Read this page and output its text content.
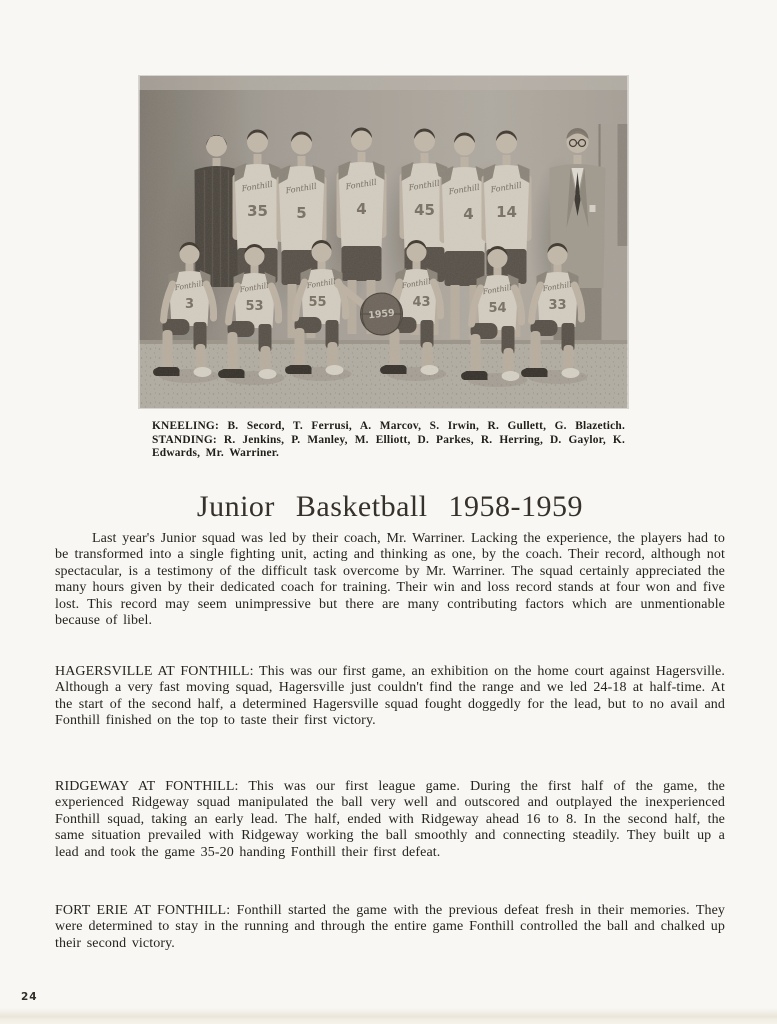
KNEELING: B. Secord, T. Ferrusi, A. Marcov, S. Irwin, R. Gullett, G. Blazetich. STANDING: R. Jenkins, P. Manley, M. Elliott, D. Parkes, R. Herring, D. Gaylor, K. Edwards, Mr. Warriner.

Junior Basketball 1958-1959

Last year's Junior squad was led by their coach, Mr. Warriner. Lacking the experience, the players had to be transformed into a single fighting unit, acting and thinking as one, by the coach. Their record, although not spectacular, is a testimony of the difficult task overcome by Mr. Warriner. The squad certainly appreciated the many hours given by their dedicated coach for training. Their win and loss record stands at four won and five lost. This record may seem unimpressive but there are many contributing factors which are unmentionable because of libel.

HAGERSVILLE AT FONTHILL: This was our first game, an exhibition on the home court against Hagersville. Although a very fast moving squad, Hagersville just couldn't find the range and we led 24-18 at half-time. At the start of the second half, a determined Hagersville squad fought doggedly for the lead, but to no avail and Fonthill finished on the top to taste their first victory.

RIDGEWAY AT FONTHILL: This was our first league game. During the first half of the game, the experienced Ridgeway squad manipulated the ball very well and outscored and outplayed the inexperienced Fonthill squad, taking an early lead. The half, ended with Ridgeway ahead 16 to 8. In the second half, the same situation prevailed with Ridgeway working the ball smoothly and connecting steadily. They built up a lead and took the game 35-20 handing Fonthill their first defeat.

FORT ERIE AT FONTHILL: Fonthill started the game with the previous defeat fresh in their memories. They were determined to stay in the running and through the entire game Fonthill controlled the ball and chalked up their second victory.

24
